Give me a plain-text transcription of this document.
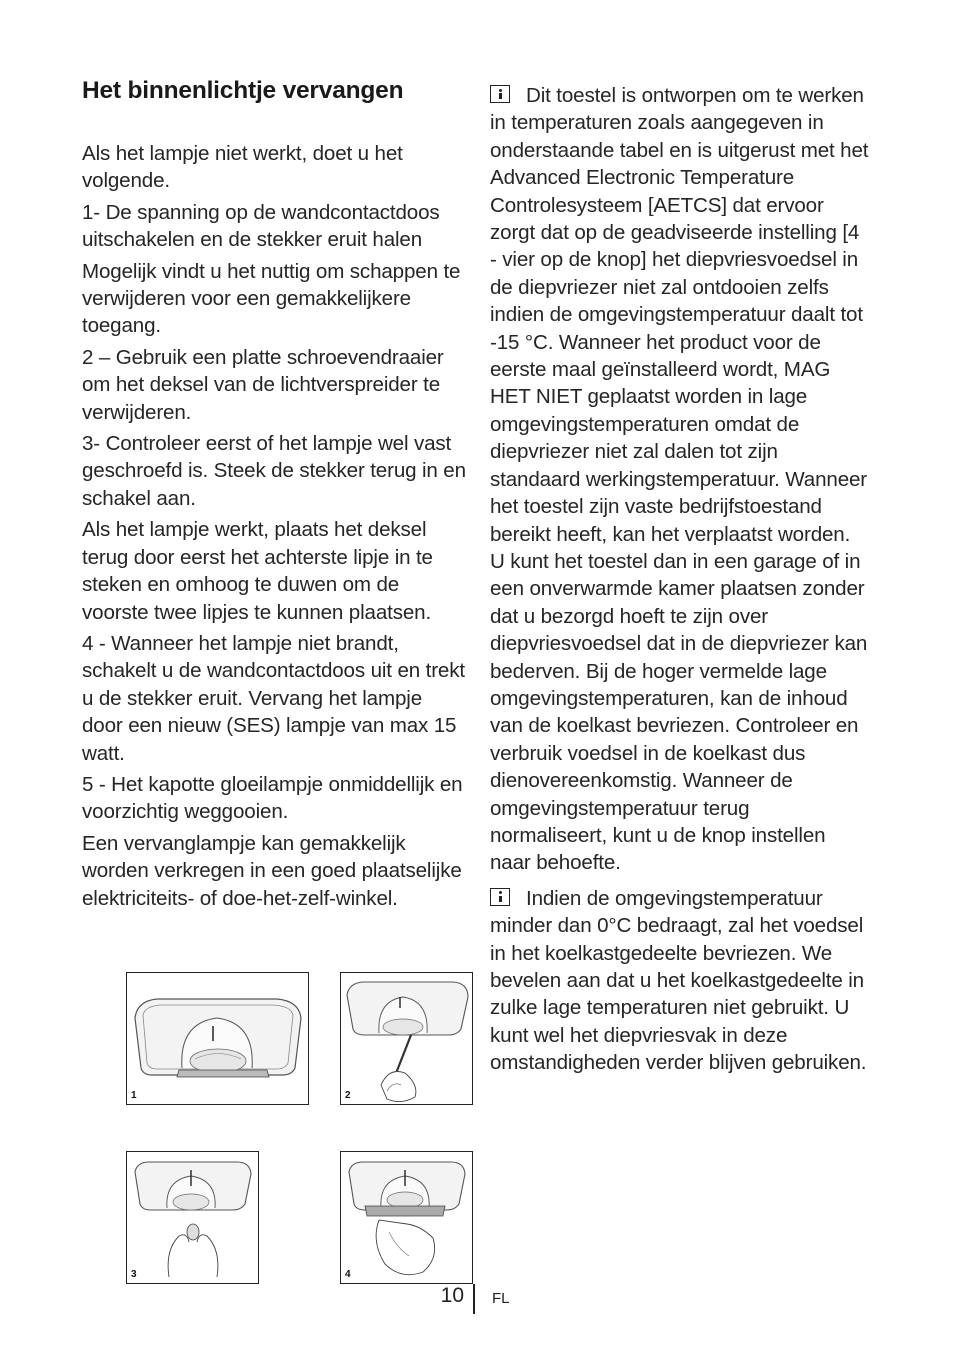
Het binnenlichtje vervangen

Als het lampje niet werkt, doet u het volgende.

1- De spanning op de wandcontactdoos uitschakelen en de stekker eruit halen

Mogelijk vindt u het nuttig om schappen te verwijderen voor een gemakkelijkere toegang.

2 – Gebruik een platte schroevendraaier om het deksel van de lichtverspreider te verwijderen.

3- Controleer eerst of het lampje wel vast geschroefd is. Steek de stekker terug in en schakel aan.

Als het lampje werkt, plaats het deksel terug door eerst het achterste lipje in te steken en omhoog te duwen om de voorste twee lipjes te kunnen plaatsen.

4 - Wanneer het lampje niet brandt, schakelt u de wandcontactdoos uit en trekt u de stekker eruit. Vervang het lampje door een nieuw (SES) lampje van max 15 watt.

5 - Het kapotte gloeilampje onmiddellijk en voorzichtig weggooien.

Een vervanglampje kan gemakkelijk worden verkregen in een goed plaatselijke elektriciteits- of doe-het-zelf-winkel.

Dit toestel is ontworpen om te werken in temperaturen zoals aangegeven in onderstaande tabel en is uitgerust met het Advanced Electronic Temperature Controlesysteem [AETCS] dat ervoor zorgt dat op de geadviseerde instelling [4 - vier op de knop] het diepvriesvoedsel in de diepvriezer niet zal ontdooien zelfs indien de omgevingstemperatuur daalt tot -15 °C. Wanneer het product voor de eerste maal geïnstalleerd wordt, MAG HET NIET geplaatst worden in lage omgevingstemperaturen omdat de diepvriezer niet zal dalen tot zijn standaard werkingstemperatuur. Wanneer het toestel zijn vaste bedrijfstoestand bereikt heeft, kan het verplaatst worden. U kunt het toestel dan in een garage of in een onverwarmde kamer plaatsen zonder dat u bezorgd hoeft te zijn over diepvriesvoedsel dat in de diepvriezer kan bederven. Bij de hoger vermelde lage omgevingstemperaturen, kan de inhoud van de koelkast bevriezen. Controleer en verbruik voedsel in de koelkast dus dienovereenkomstig. Wanneer de omgevingstemperatuur terug normaliseert, kunt u de knop instellen naar behoefte.

Indien de omgevingstemperatuur minder dan 0°C bedraagt, zal het voedsel in het koelkastgedeelte bevriezen. We bevelen aan dat u het koelkastgedeelte in zulke lage temperaturen niet gebruikt. U kunt wel het diepvriesvak in deze omstandigheden verder blijven gebruiken.

1	2
3	4
10 FL
